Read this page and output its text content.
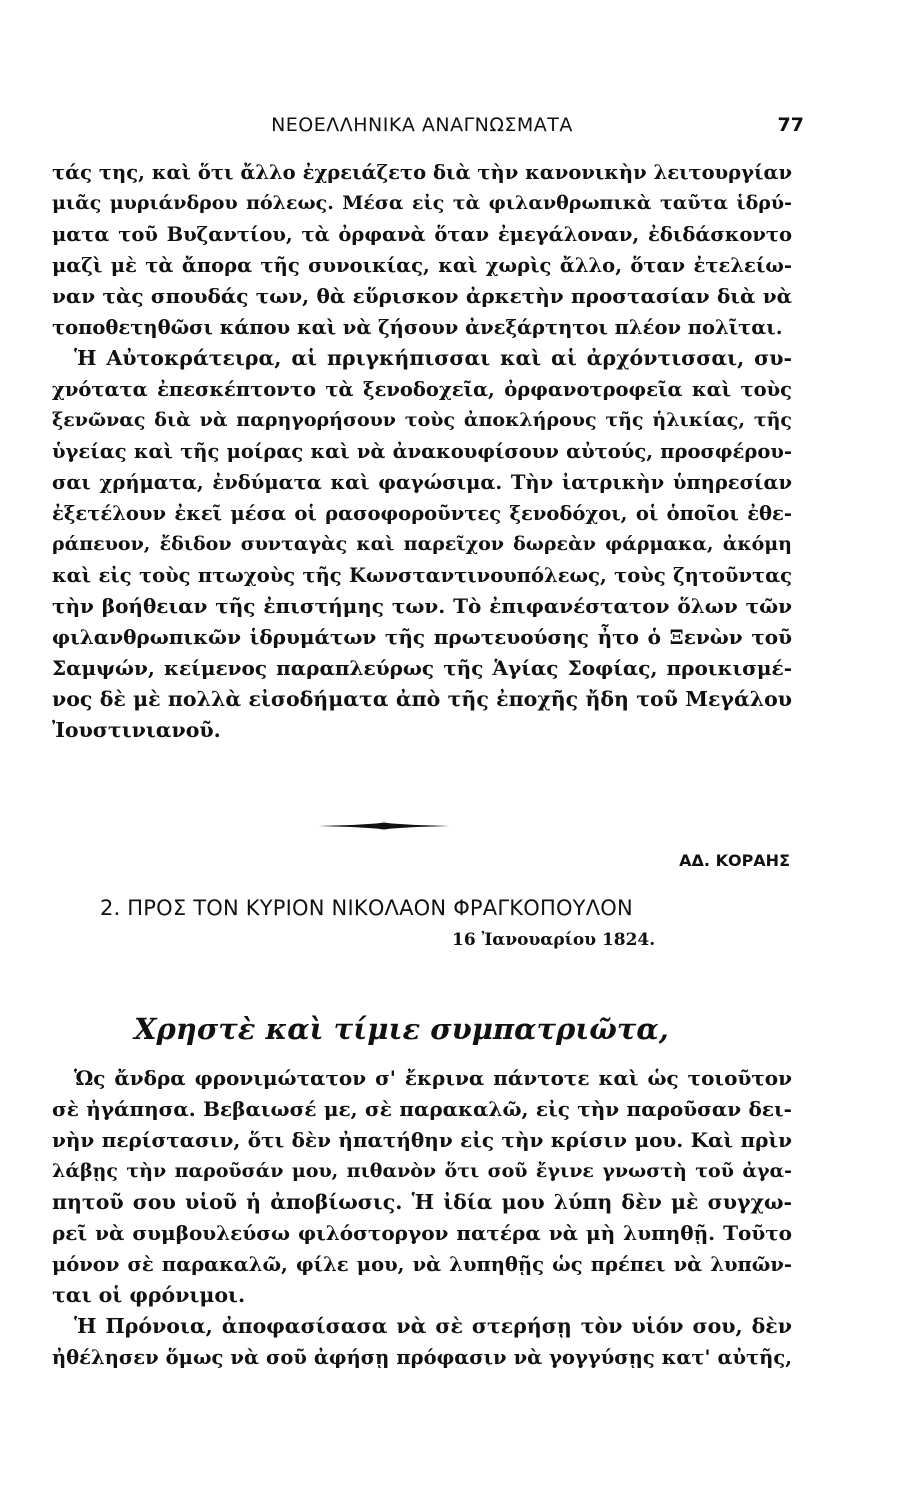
ΝΕΟΕΛΛΗΝΙΚΑ ΑΝΑΓΝΩΣΜΑΤΑ	77
τάς της, καὶ ὅτι ἄλλο ἐχρειάζετο διὰ τὴν κανονικὴν λειτουργίαν
μιᾶς μυριάνδρου πόλεως. Μέσα εἰς τὰ φιλανθρωπικὰ ταῦτα ἱδρύ-
ματα τοῦ Βυζαντίου, τὰ ὀρφανὰ ὅταν ἐμεγάλοναν, ἐδιδάσκοντο
μαζὶ μὲ τὰ ἄπορα τῆς συνοικίας, καὶ χωρὶς ἄλλο, ὅταν ἐτελείω-
ναν τὰς σπουδάς των, θὰ εὕρισκον ἀρκετὴν προστασίαν διὰ νὰ
τοποθετηθῶσι κάπου καὶ νὰ ζήσουν ἀνεξάρτητοι πλέον πολῖται.
Ἡ Αὐτοκράτειρα, αἱ πριγκήπισσαι καὶ αἱ ἀρχόντισσαι, συ-
χνότατα ἐπεσκέπτοντο τὰ ξενοδοχεῖα, ὀρφανοτροφεῖα καὶ τοὺς
ξενῶνας διὰ νὰ παρηγορήσουν τοὺς ἀποκλήρους τῆς ἡλικίας, τῆς
ὑγείας καὶ τῆς μοίρας καὶ νὰ ἀνακουφίσουν αὐτούς, προσφέρου-
σαι χρήματα, ἐνδύματα καὶ φαγώσιμα. Τὴν ἰατρικὴν ὑπηρεσίαν
ἐξετέλουν ἐκεῖ μέσα οἱ ρασοφοροῦντες ξενοδόχοι, οἱ ὁποῖοι ἐθε-
ράπευον, ἔδιδον συνταγὰς καὶ παρεῖχον δωρεὰν φάρμακα, ἀκόμη
καὶ εἰς τοὺς πτωχοὺς τῆς Κωνσταντινουπόλεως, τοὺς ζητοῦντας
τὴν βοήθειαν τῆς ἐπιστήμης των. Τὸ ἐπιφανέστατον ὅλων τῶν
φιλανθρωπικῶν ἱδρυμάτων τῆς πρωτευούσης ἦτο ὁ Ξενὼν τοῦ
Σαμψών, κείμενος παραπλεύρως τῆς Ἁγίας Σοφίας, προικισμέ-
νος δὲ μὲ πολλὰ εἰσοδήματα ἀπὸ τῆς ἐποχῆς ἤδη τοῦ Μεγάλου
Ἰουστινιανοῦ.
ΑΔ. ΚΟΡΑΗΣ
2. ΠΡΟΣ ΤΟΝ ΚΥΡΙΟΝ ΝΙΚΟΛΑΟΝ ΦΡΑΓΚΟΠΟΥΛΟΝ
16 Ἰανουαρίου 1824.
Χρηστὲ καὶ τίμιε συμπατριῶτα,
Ὡς ἄνδρα φρονιμώτατον σ' ἔκρινα πάντοτε καὶ ὡς τοιοῦτον
σὲ ἠγάπησα. Βεβαιωσέ με, σὲ παρακαλῶ, εἰς τὴν παροῦσαν δει-
νὴν περίστασιν, ὅτι δὲν ἠπατήθην εἰς τὴν κρίσιν μου. Καὶ πρὶν
λάβῃς τὴν παροῦσάν μου, πιθανὸν ὅτι σοῦ ἔγινε γνωστὴ τοῦ ἀγα-
πητοῦ σου υἱοῦ ἡ ἀποβίωσις. Ἡ ἰδία μου λύπη δὲν μὲ συγχω-
ρεῖ νὰ συμβουλεύσω φιλόστοργον πατέρα νὰ μὴ λυπηθῇ. Τοῦτο
μόνον σὲ παρακαλῶ, φίλε μου, νὰ λυπηθῇς ὡς πρέπει νὰ λυπῶν-
ται οἱ φρόνιμοι.
Ἡ Πρόνοια, ἀποφασίσασα νὰ σὲ στερήσῃ τὸν υἱόν σου, δὲν
ἠθέλησεν ὅμως νὰ σοῦ ἀφήσῃ πρόφασιν νὰ γογγύσῃς κατ' αὐτῆς,
